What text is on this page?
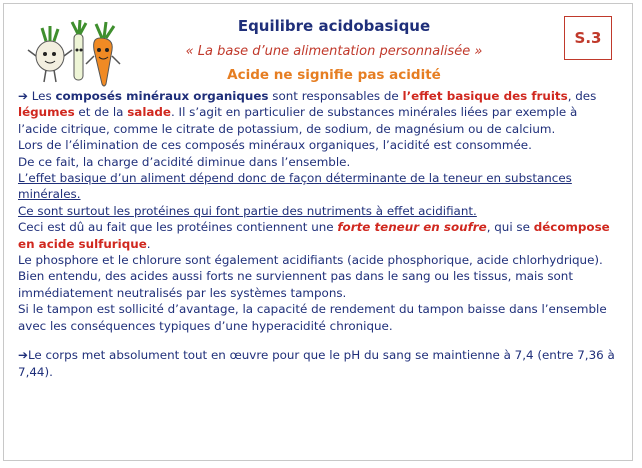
Equilibre acidobasique
« La base d’une alimentation personnalisée »
Acide ne signifie pas acidité
S.3

➔ Les composés minéraux organiques sont responsables de l’effet basique des fruits, des légumes et de la salade. Il s’agit en particulier de substances minérales liées par exemple à l’acide citrique, comme le citrate de potassium, de sodium, de magnésium ou de calcium.

Lors de l’élimination de ces composés minéraux organiques, l’acidité est consommée.

De ce fait, la charge d’acidité diminue dans l’ensemble.

L’effet basique d’un aliment dépend donc de façon déterminante de la teneur en substances minérales.

Ce sont surtout les protéines qui font partie des nutriments à effet acidifiant.

Ceci est dû au fait que les protéines contiennent une forte teneur en soufre, qui se décompose en acide sulfurique.

Le phosphore et le chlorure sont également acidifiants (acide phosphorique, acide chlorhydrique).

Bien entendu, des acides aussi forts ne surviennent pas dans le sang ou les tissus, mais sont immédiatement neutralisés par les systèmes tampons.

Si le tampon est sollicité d’avantage, la capacité de rendement du tampon baisse dans l’ensemble avec les conséquences typiques d’une hyperacidité chronique.

➔Le corps met absolument tout en œuvre pour que le pH du sang se maintienne à 7,4 (entre 7,36 à 7,44).
